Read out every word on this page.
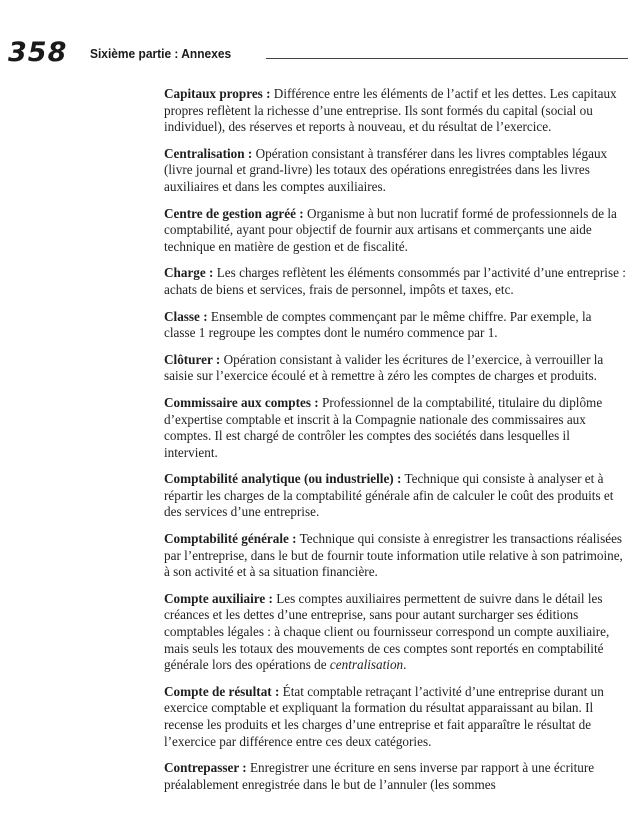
358 Sixième partie : Annexes

Capitaux propres : Différence entre les éléments de l’actif et les dettes. Les capitaux propres reflètent la richesse d’une entreprise. Ils sont formés du capital (social ou individuel), des réserves et reports à nouveau, et du résultat de l’exercice.

Centralisation : Opération consistant à transférer dans les livres comptables légaux (livre journal et grand-livre) les totaux des opérations enregistrées dans les livres auxiliaires et dans les comptes auxiliaires.

Centre de gestion agréé : Organisme à but non lucratif formé de professionnels de la comptabilité, ayant pour objectif de fournir aux artisans et commerçants une aide technique en matière de gestion et de fiscalité.

Charge : Les charges reflètent les éléments consommés par l’activité d’une entreprise : achats de biens et services, frais de personnel, impôts et taxes, etc.

Classe : Ensemble de comptes commençant par le même chiffre. Par exemple, la classe 1 regroupe les comptes dont le numéro commence par 1.

Clôturer : Opération consistant à valider les écritures de l’exercice, à verrouiller la saisie sur l’exercice écoulé et à remettre à zéro les comptes de charges et produits.

Commissaire aux comptes : Professionnel de la comptabilité, titulaire du diplôme d’expertise comptable et inscrit à la Compagnie nationale des commissaires aux comptes. Il est chargé de contrôler les comptes des sociétés dans lesquelles il intervient.

Comptabilité analytique (ou industrielle) : Technique qui consiste à analyser et à répartir les charges de la comptabilité générale afin de calculer le coût des produits et des services d’une entreprise.

Comptabilité générale : Technique qui consiste à enregistrer les transactions réalisées par l’entreprise, dans le but de fournir toute information utile relative à son patrimoine, à son activité et à sa situation financière.

Compte auxiliaire : Les comptes auxiliaires permettent de suivre dans le détail les créances et les dettes d’une entreprise, sans pour autant surcharger ses éditions comptables légales : à chaque client ou fournisseur correspond un compte auxiliaire, mais seuls les totaux des mouvements de ces comptes sont reportés en comptabilité générale lors des opérations de centralisation.

Compte de résultat : État comptable retraçant l’activité d’une entreprise durant un exercice comptable et expliquant la formation du résultat apparaissant au bilan. Il recense les produits et les charges d’une entreprise et fait apparaître le résultat de l’exercice par différence entre ces deux catégories.

Contrepasser : Enregistrer une écriture en sens inverse par rapport à une écriture préalablement enregistrée dans le but de l’annuler (les sommes
